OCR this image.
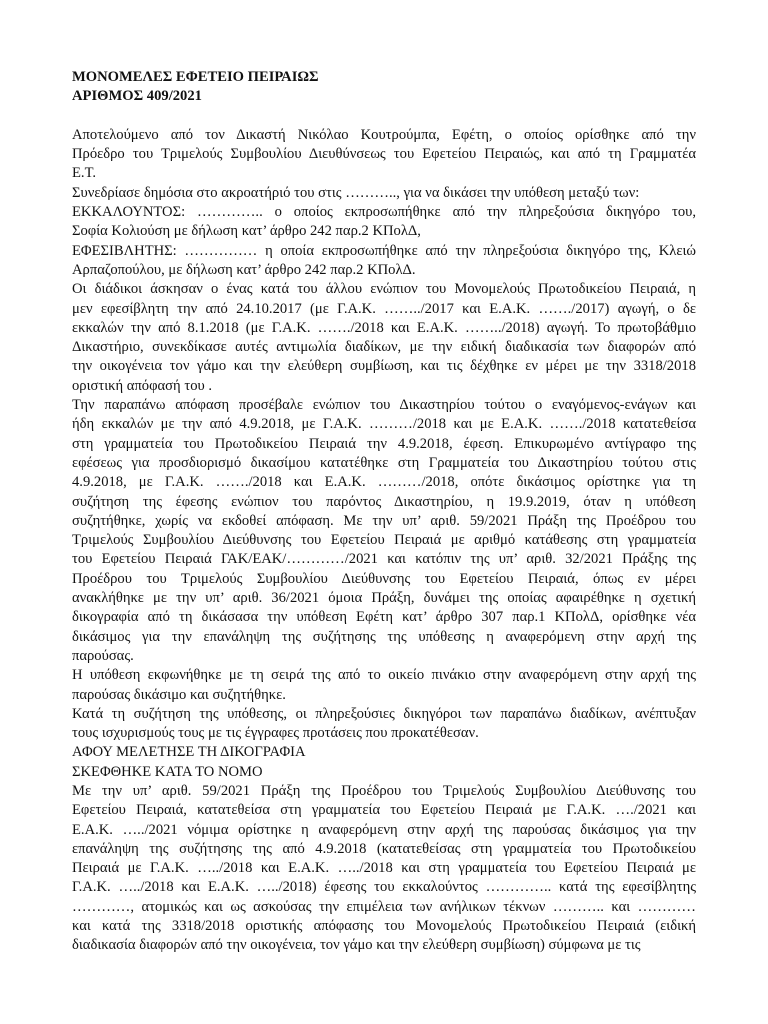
ΜΟΝΟΜΕΛΕΣ ΕΦΕΤΕΙΟ ΠΕΙΡΑΙΩΣ

ΑΡΙΘΜΟΣ 409/2021

Αποτελούμενο από τον Δικαστή Νικόλαο Κουτρούμπα, Εφέτη, ο οποίος ορίσθηκε από την
Πρόεδρο του Τριμελούς Συμβουλίου Διευθύνσεως του Εφετείου Πειραιώς, και από τη Γραμματέα
Ε.Τ.
Συνεδρίασε δημόσια στο ακροατήριό του στις ……….., για να δικάσει την υπόθεση μεταξύ των:
ΕΚΚΑΛΟΥΝΤΟΣ: ………….. ο οποίος εκπροσωπήθηκε από την πληρεξούσια δικηγόρο του,
Σοφία Κολιούση με δήλωση κατ’ άρθρο 242 παρ.2 ΚΠολΔ,
ΕΦΕΣΙΒΛΗΤΗΣ: …………… η οποία εκπροσωπήθηκε από την πληρεξούσια δικηγόρο της, Κλειώ
Αρπαζοπούλου, με δήλωση κατ’ άρθρο 242 παρ.2 ΚΠολΔ.
Οι διάδικοι άσκησαν ο ένας κατά του άλλου ενώπιον του Μονομελούς Πρωτοδικείου Πειραιά, η
μεν εφεσίβλητη την από 24.10.2017 (με Γ.Α.Κ. ……../2017 και Ε.Α.Κ. ……./2017) αγωγή, ο δε
εκκαλών την από 8.1.2018 (με Γ.Α.Κ. ……./2018 και Ε.Α.Κ. ……../2018) αγωγή. Το πρωτοβάθμιο
Δικαστήριο, συνεκδίκασε αυτές αντιμωλία διαδίκων, με την ειδική διαδικασία των διαφορών από
την οικογένεια τον γάμο και την ελεύθερη συμβίωση, και τις δέχθηκε εν μέρει με την 3318/2018
οριστική απόφασή του .
Την παραπάνω απόφαση προσέβαλε ενώπιον του Δικαστηρίου τούτου ο εναγόμενος-ενάγων και
ήδη εκκαλών με την από 4.9.2018, με Γ.Α.Κ. ………/2018 και με Ε.Α.Κ. ……./2018 κατατεθείσα
στη γραμματεία του Πρωτοδικείου Πειραιά την 4.9.2018, έφεση. Επικυρωμένο αντίγραφο της
εφέσεως για προσδιορισμό δικασίμου κατατέθηκε στη Γραμματεία του Δικαστηρίου τούτου στις
4.9.2018, με Γ.Α.Κ. ……./2018 και Ε.Α.Κ. ………/2018, οπότε δικάσιμος ορίστηκε για τη
συζήτηση της έφεσης ενώπιον του παρόντος Δικαστηρίου, η 19.9.2019, όταν η υπόθεση
συζητήθηκε, χωρίς να εκδοθεί απόφαση. Με την υπ’ αριθ. 59/2021 Πράξη της Προέδρου του
Τριμελούς Συμβουλίου Διεύθυνσης του Εφετείου Πειραιά με αριθμό κατάθεσης στη γραμματεία
του Εφετείου Πειραιά ΓΑΚ/ΕΑΚ/…………/2021 και κατόπιν της υπ’ αριθ. 32/2021 Πράξης της
Προέδρου του Τριμελούς Συμβουλίου Διεύθυνσης του Εφετείου Πειραιά, όπως εν μέρει
ανακλήθηκε με την υπ’ αριθ. 36/2021 όμοια Πράξη, δυνάμει της οποίας αφαιρέθηκε η σχετική
δικογραφία από τη δικάσασα την υπόθεση Εφέτη κατ’ άρθρο 307 παρ.1 ΚΠολΔ, ορίσθηκε νέα
δικάσιμος για την επανάληψη της συζήτησης της υπόθεσης η αναφερόμενη στην αρχή της
παρούσας.
Η υπόθεση εκφωνήθηκε με τη σειρά της από το οικείο πινάκιο στην αναφερόμενη στην αρχή της
παρούσας δικάσιμο και συζητήθηκε.
Κατά τη συζήτηση της υπόθεσης, οι πληρεξούσιες δικηγόροι των παραπάνω διαδίκων, ανέπτυξαν
τους ισχυρισμούς τους με τις έγγραφες προτάσεις που προκατέθεσαν.
ΑΦΟΥ ΜΕΛΕΤΗΣΕ ΤΗ ΔΙΚΟΓΡΑΦΙΑ
ΣΚΕΦΘΗΚΕ ΚΑΤΑ ΤΟ ΝΟΜΟ
Με την υπ’ αριθ. 59/2021 Πράξη της Προέδρου του Τριμελούς Συμβουλίου Διεύθυνσης του
Εφετείου Πειραιά, κατατεθείσα στη γραμματεία του Εφετείου Πειραιά με Γ.Α.Κ. …./2021 και
Ε.Α.Κ. …../2021 νόμιμα ορίστηκε η αναφερόμενη στην αρχή της παρούσας δικάσιμος για την
επανάληψη της συζήτησης της από 4.9.2018 (κατατεθείσας στη γραμματεία του Πρωτοδικείου
Πειραιά με Γ.Α.Κ. …../2018 και Ε.Α.Κ. …../2018 και στη γραμματεία του Εφετείου Πειραιά με
Γ.Α.Κ. …../2018 και Ε.Α.Κ. …../2018) έφεσης του εκκαλούντος ………….. κατά της εφεσίβλητης
…………, ατομικώς και ως ασκούσας την επιμέλεια των ανήλικων τέκνων ……….. και …………
και κατά της 3318/2018 οριστικής απόφασης του Μονομελούς Πρωτοδικείου Πειραιά (ειδική
διαδικασία διαφορών από την οικογένεια, τον γάμο και την ελεύθερη συμβίωση) σύμφωνα με τις
